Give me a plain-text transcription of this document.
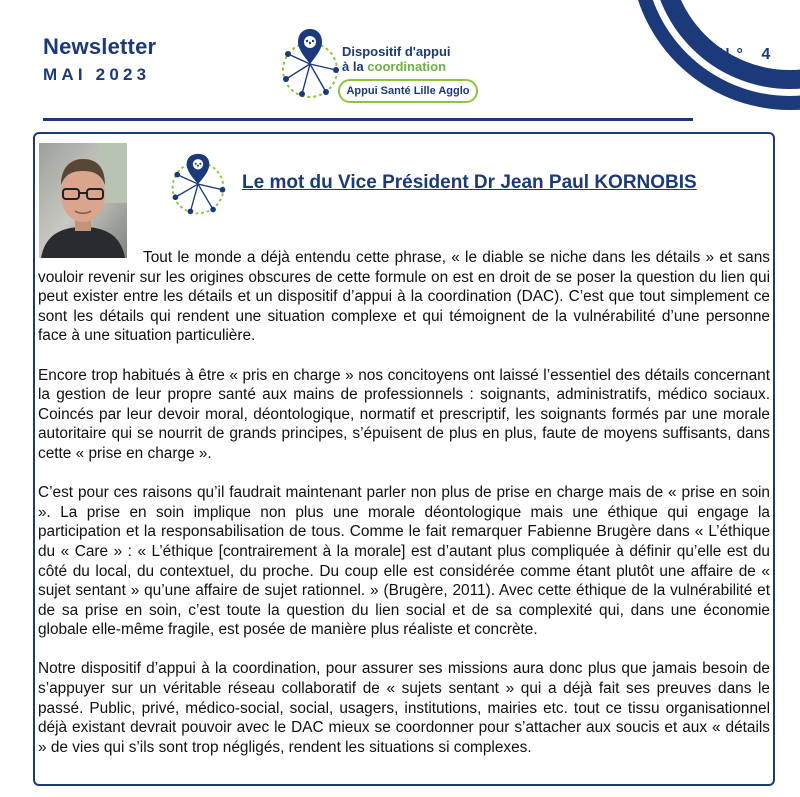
Newsletter
MAI 2023
Dispositif d'appui
à la coordination
Appui Santé Lille Agglo
N° 4
Le mot du Vice Président Dr Jean Paul KORNOBIS

Tout le monde a déjà entendu cette phrase, « le diable se niche dans les détails » et sans vouloir revenir sur les origines obscures de cette formule on est en droit de se poser la question du lien qui peut exister entre les détails et un dispositif d’appui à la coordination (DAC). C’est que tout simplement ce sont les détails qui rendent une situation complexe et qui témoignent de la vulnérabilité d’une personne face à une situation particulière.

Encore trop habitués à être « pris en charge » nos concitoyens ont laissé l’essentiel des détails concernant la gestion de leur propre santé aux mains de professionnels : soignants, administratifs, médico sociaux. Coincés par leur devoir moral, déontologique, normatif et prescriptif, les soignants formés par une morale autoritaire qui se nourrit de grands principes, s’épuisent de plus en plus, faute de moyens suffisants, dans cette « prise en charge ».

C’est pour ces raisons qu’il faudrait maintenant parler non plus de prise en charge mais de « prise en soin ». La prise en soin implique non plus une morale déontologique mais une éthique qui engage la participation et la responsabilisation de tous. Comme le fait remarquer Fabienne Brugère dans « L’éthique du « Care » : « L’éthique [contrairement à la morale] est d’autant plus compliquée à définir qu’elle est du côté du local, du contextuel, du proche. Du coup elle est considérée comme étant plutôt une affaire de « sujet sentant » qu’une affaire de sujet rationnel. » (Brugère, 2011). Avec cette éthique de la vulnérabilité et de sa prise en soin, c’est toute la question du lien social et de sa complexité qui, dans une économie globale elle-même fragile, est posée de manière plus réaliste et concrète.

Notre dispositif d’appui à la coordination, pour assurer ses missions aura donc plus que jamais besoin de s’appuyer sur un véritable réseau collaboratif de « sujets sentant » qui a déjà fait ses preuves dans le passé. Public, privé, médico-social, social, usagers, institutions, mairies etc. tout ce tissu organisationnel déjà existant devrait pouvoir avec le DAC mieux se coordonner pour s’attacher aux soucis et aux « détails » de vies qui s’ils sont trop négligés, rendent les situations si complexes.
